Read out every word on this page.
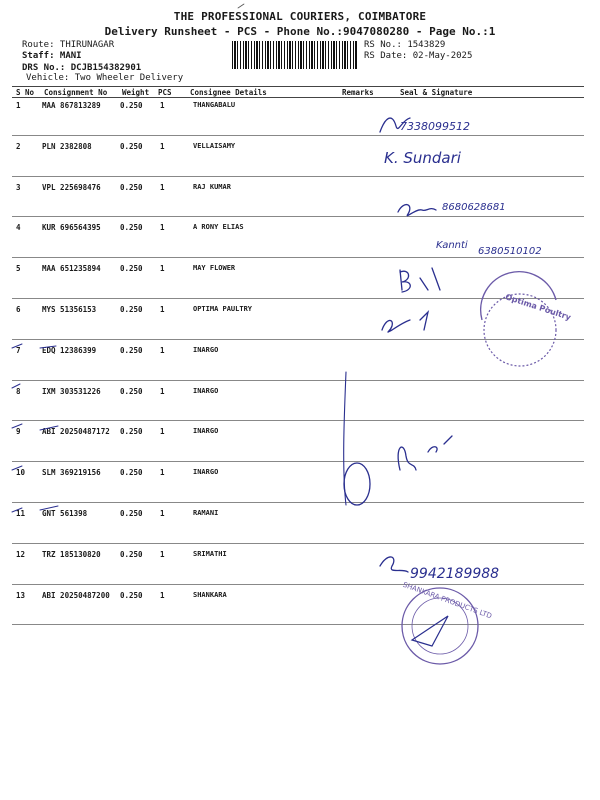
THE PROFESSIONAL COURIERS, COIMBATORE
Delivery Runsheet - PCS - Phone No.:9047080280 - Page No.:1
Route: THIRUNAGAR
Staff: MANI
DRS No.: DCJB154382901
Vehicle: Two Wheeler Delivery
RS No.: 1543829
RS Date: 02-May-2025
S No Consignment No Weight PCS Consignee Details	Remarks	Seal & Signature
1	MAA 867813289	0.250 1	THANGABALU
2	PLN 2382808	0.250 1	VELLAISAMY
3	VPL 225698476	0.250 1	RAJ KUMAR
4	KUR 696564395	0.250 1	A RONY ELIAS
5	MAA 651235894	0.250 1	MAY FLOWER
6	MYS 51356153	0.250 1	OPTIMA PAULTRY
7	EDQ 12386399	0.250 1	INARGO
8	IXM 303531226	0.250 1	INARGO
9	ABI 20250487172 0.250 1	INARGO
10 SLM 369219156	0.250 1	INARGO
11 GNT 561398	0.250 1	RAMANI
12 TRZ 185130820	0.250 1	SRIMATHI
13 ABI 20250487200 0.250 1	SHANKARA
7338099512
K. Sundari
8680628681
Kannti
6380510102
9942189988
Optima Poultry
SHANKARA PRODUCTS LTD
